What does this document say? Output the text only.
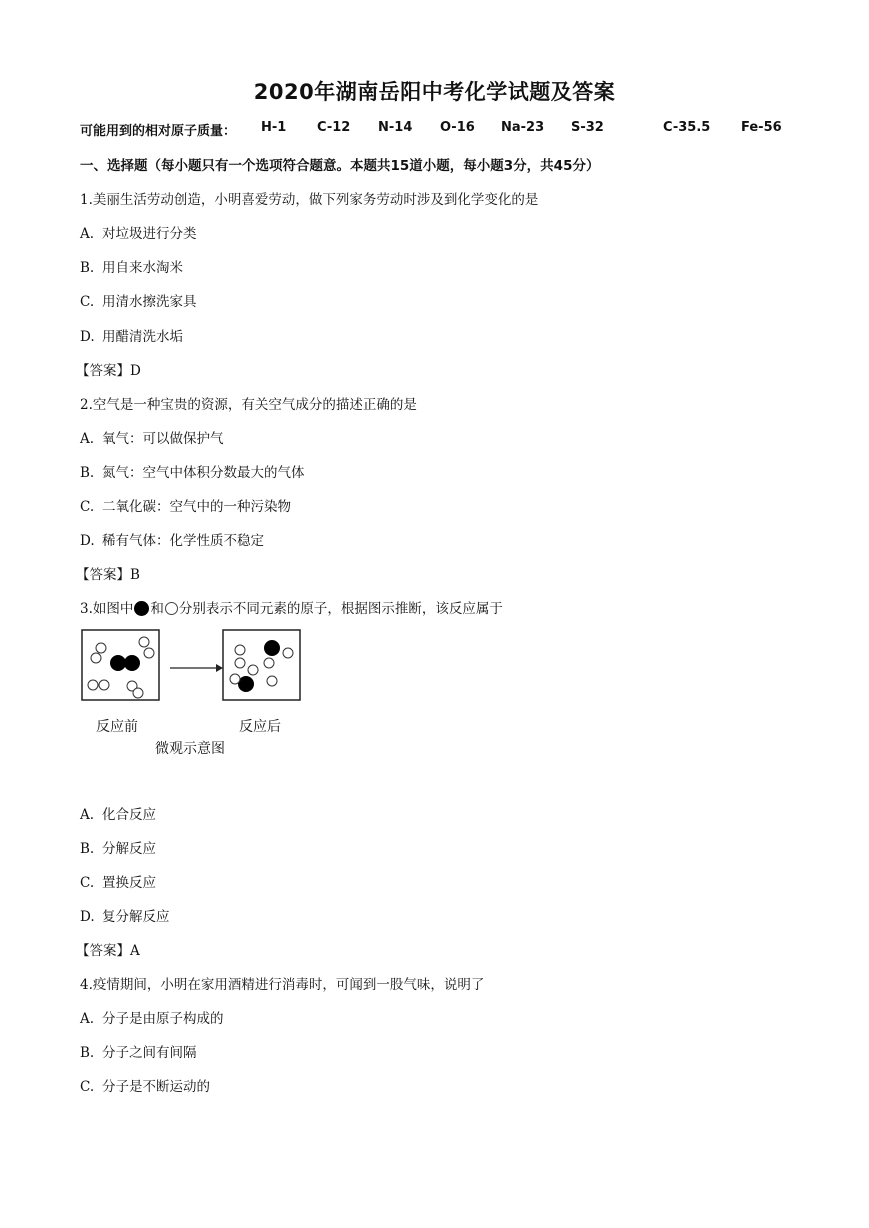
2020年湖南岳阳中考化学试题及答案
可能用到的相对原子质量： H-1 C-12 N-14 O-16 Na-23 S-32	C-35.5 Fe-56
一、选择题（每小题只有一个选项符合题意。本题共15道小题，每小题3分，共45分）
1.美丽生活劳动创造，小明喜爱劳动，做下列家务劳动时涉及到化学变化的是
A. 对垃圾进行分类
B. 用自来水淘米
C. 用清水擦洗家具
D. 用醋清洗水垢
【答案】D
2.空气是一种宝贵的资源，有关空气成分的描述正确的是
A. 氧气：可以做保护气
B. 氮气：空气中体积分数最大的气体
C. 二氧化碳：空气中的一种污染物
D. 稀有气体：化学性质不稳定
【答案】B
3.如图中 和 分别表示不同元素的原子，根据图示推断，该反应属于
反应前	反应后
微观示意图
A. 化合反应
B. 分解反应
C. 置换反应
D. 复分解反应
【答案】A
4.疫情期间，小明在家用酒精进行消毒时，可闻到一股气味，说明了
A. 分子是由原子构成的
B. 分子之间有间隔
C. 分子是不断运动的
